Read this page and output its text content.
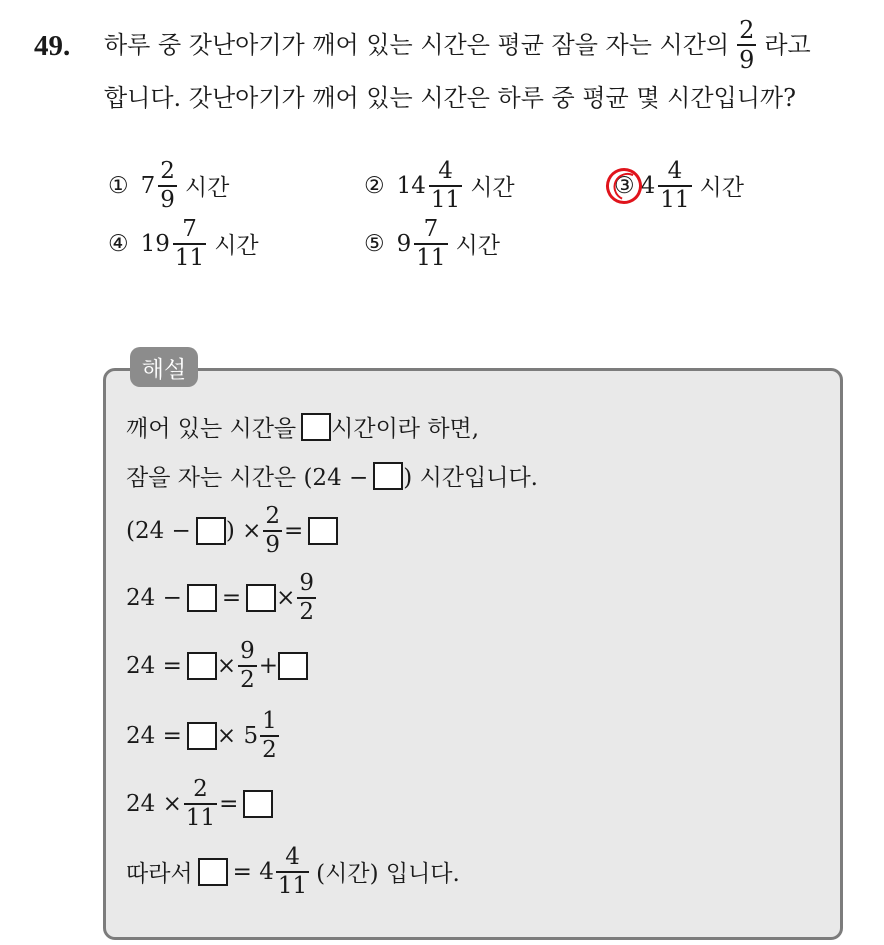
49. 하루 중 갓난아기가 깨어 있는 시간은 평균 잠을 자는 시간의 $\frac{2}{9}$ 라고
합니다. 갓난아기가 깨어 있는 시간은 하루 중 평균 몇 시간입니까?
① $7 \frac{2}{9}$ 시간	② $14 \frac{4}{11}$ 시간	③ $4 \frac{4}{11}$ 시간
④ $19 \frac{7}{11}$ 시간	⑤ $9 \frac{7}{11}$ 시간
해설
깨어 있는 시간을 시간이라 하면,
잠을 자는 시간은 (24 − ) 시간입니다.
(24 − ) × $\frac{2}{9}$ =
24 − = × $\frac{9}{2}$
24 = × $\frac{9}{2}$ +
24 = × $5 \frac{1}{2}$
$24 \times \frac{2}{11}$ =
따라서 = $4 \frac{4}{11}$ (시간) 입니다.
